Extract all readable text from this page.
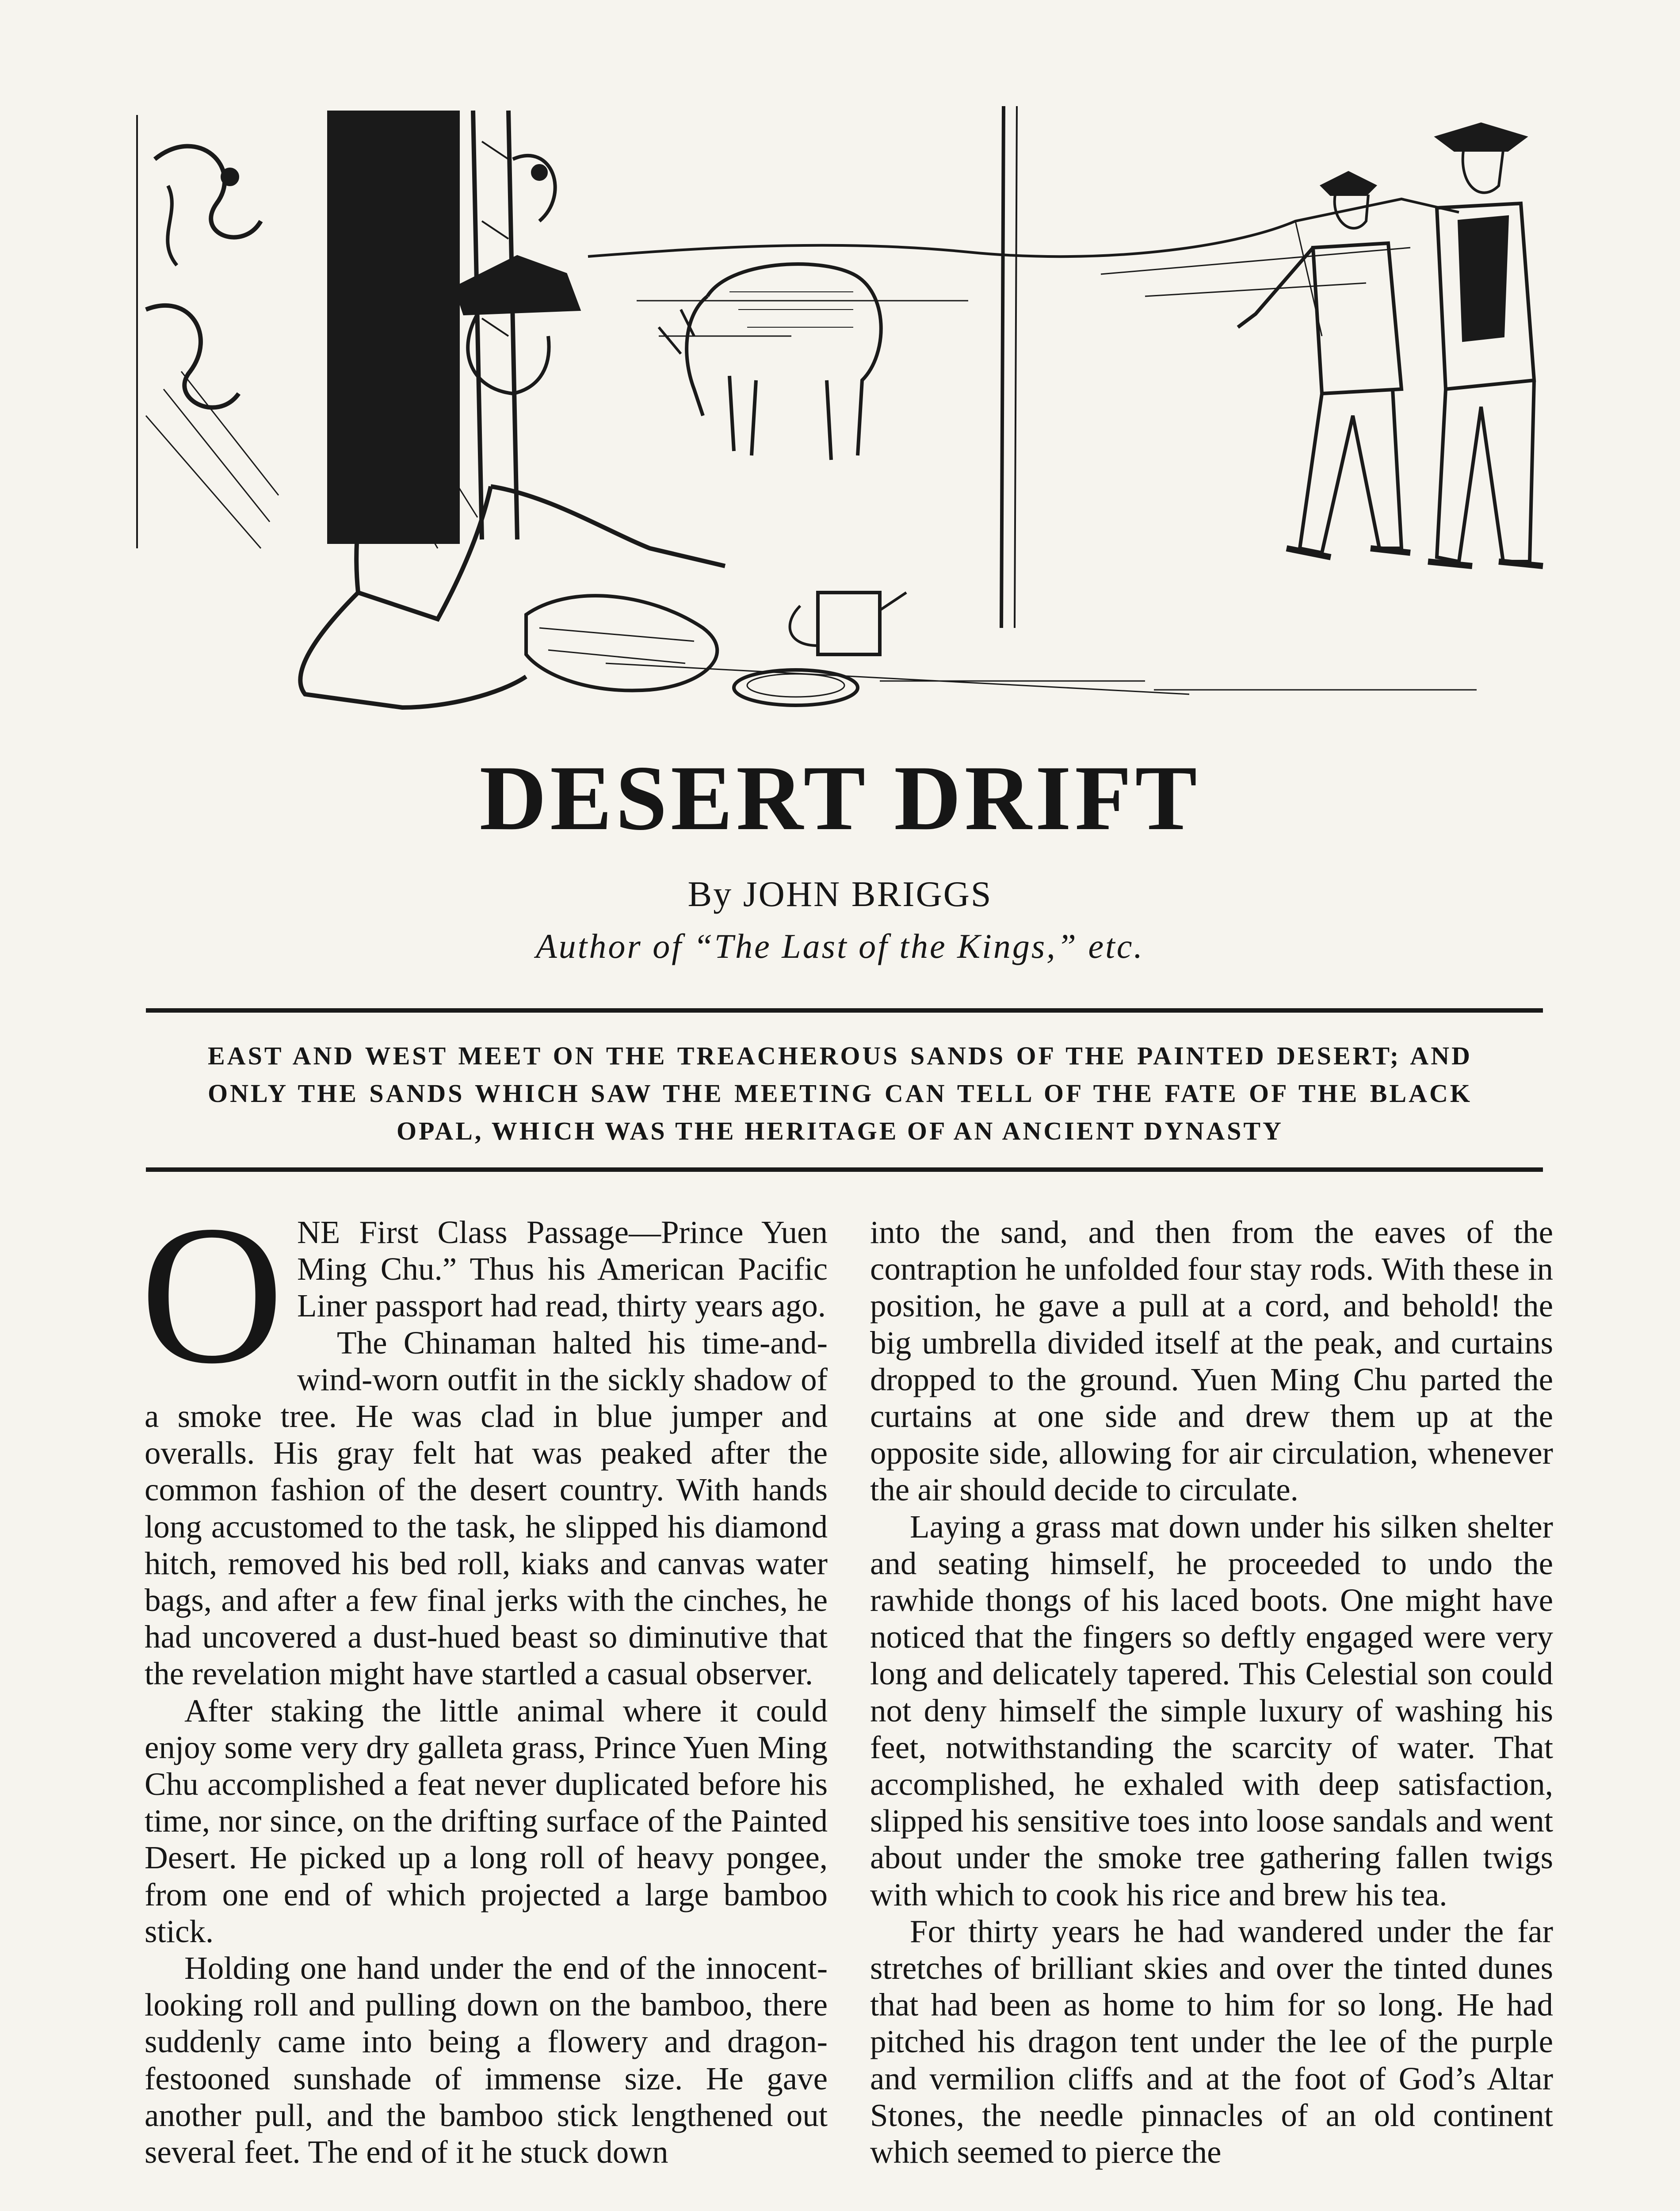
DESERT DRIFT
By JOHN BRIGGS
Author of “The Last of the Kings,” etc.
EAST AND WEST MEET ON THE TREACHEROUS SANDS OF THE PAINTED DESERT; AND ONLY THE SANDS WHICH SAW THE MEETING CAN TELL OF THE FATE OF THE BLACK OPAL, WHICH WAS THE HERITAGE OF AN ANCIENT DYNASTY

ONE First Class Passage—Prince Yuen Ming Chu.” Thus his American Pacific Liner passport had read, thirty years ago.

The Chinaman halted his time-and-wind-worn outfit in the sickly shadow of a smoke tree. He was clad in blue jumper and overalls. His gray felt hat was peaked after the common fashion of the desert country. With hands long accustomed to the task, he slipped his diamond hitch, removed his bed roll, kiaks and canvas water bags, and after a few final jerks with the cinches, he had uncovered a dust-hued beast so diminutive that the revelation might have startled a casual observer.

After staking the little animal where it could enjoy some very dry galleta grass, Prince Yuen Ming Chu accomplished a feat never duplicated before his time, nor since, on the drifting surface of the Painted Desert. He picked up a long roll of heavy pongee, from one end of which projected a large bamboo stick.

Holding one hand under the end of the innocent-looking roll and pulling down on the bamboo, there suddenly came into being a flowery and dragon-festooned sunshade of immense size. He gave another pull, and the bamboo stick lengthened out several feet. The end of it he stuck down

into the sand, and then from the eaves of the contraption he unfolded four stay rods. With these in position, he gave a pull at a cord, and behold! the big umbrella divided itself at the peak, and curtains dropped to the ground. Yuen Ming Chu parted the curtains at one side and drew them up at the opposite side, allowing for air circulation, whenever the air should decide to circulate.

Laying a grass mat down under his silken shelter and seating himself, he proceeded to undo the rawhide thongs of his laced boots. One might have noticed that the fingers so deftly engaged were very long and delicately tapered. This Celestial son could not deny himself the simple luxury of washing his feet, notwithstanding the scarcity of water. That accomplished, he exhaled with deep satisfaction, slipped his sensitive toes into loose sandals and went about under the smoke tree gathering fallen twigs with which to cook his rice and brew his tea.

For thirty years he had wandered under the far stretches of brilliant skies and over the tinted dunes that had been as home to him for so long. He had pitched his dragon tent under the lee of the purple and vermilion cliffs and at the foot of God’s Altar Stones, the needle pinnacles of an old continent which seemed to pierce the
